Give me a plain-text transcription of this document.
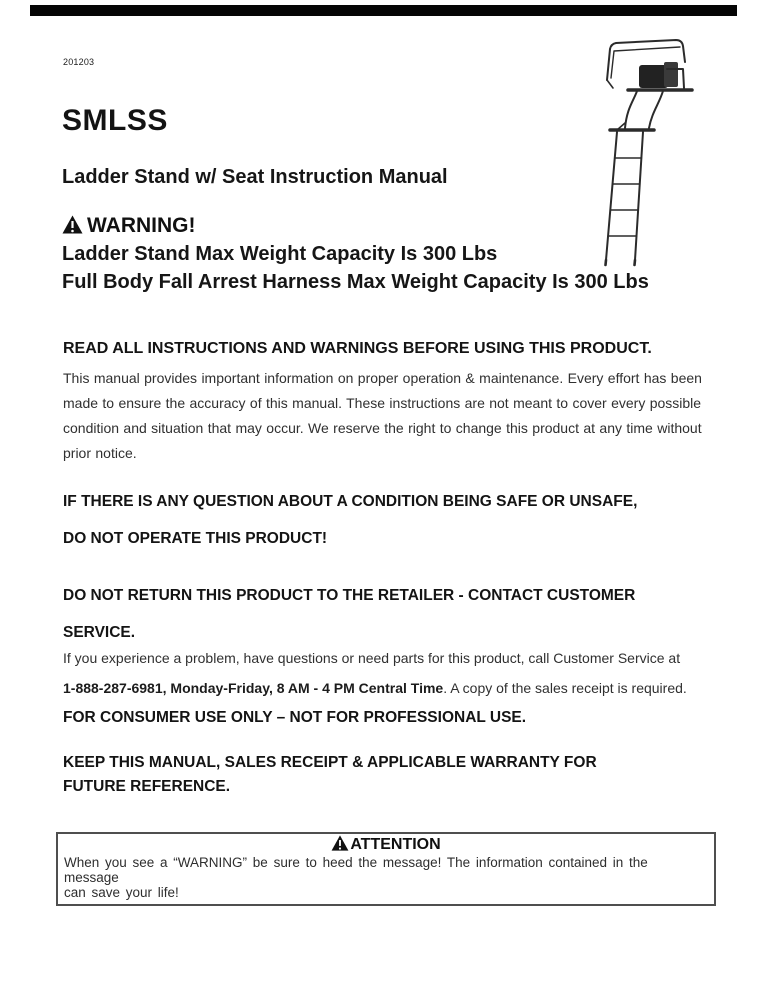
201203
SMLSS
Ladder Stand w/ Seat Instruction Manual
WARNING!
Ladder Stand Max Weight Capacity Is 300 Lbs
Full Body Fall Arrest Harness Max Weight Capacity Is 300 Lbs
READ ALL INSTRUCTIONS AND WARNINGS BEFORE USING THIS PRODUCT.
This manual provides important information on proper operation & maintenance. Every effort has been
made to ensure the accuracy of this manual. These instructions are not meant to cover every possible
condition and situation that may occur. We reserve the right to change this product at any time without
prior notice.
IF THERE IS ANY QUESTION ABOUT A CONDITION BEING SAFE OR UNSAFE,
DO NOT OPERATE THIS PRODUCT!
DO NOT RETURN THIS PRODUCT TO THE RETAILER - CONTACT CUSTOMER
SERVICE.
If you experience a problem, have questions or need parts for this product, call Customer Service at
1-888-287-6981, Monday-Friday, 8 AM - 4 PM Central Time. A copy of the sales receipt is required.
FOR CONSUMER USE ONLY – NOT FOR PROFESSIONAL USE.
KEEP THIS MANUAL, SALES RECEIPT & APPLICABLE WARRANTY FOR
FUTURE REFERENCE.
ATTENTION
When you see a “WARNING” be sure to heed the message! The information contained in the message
can save your life!
